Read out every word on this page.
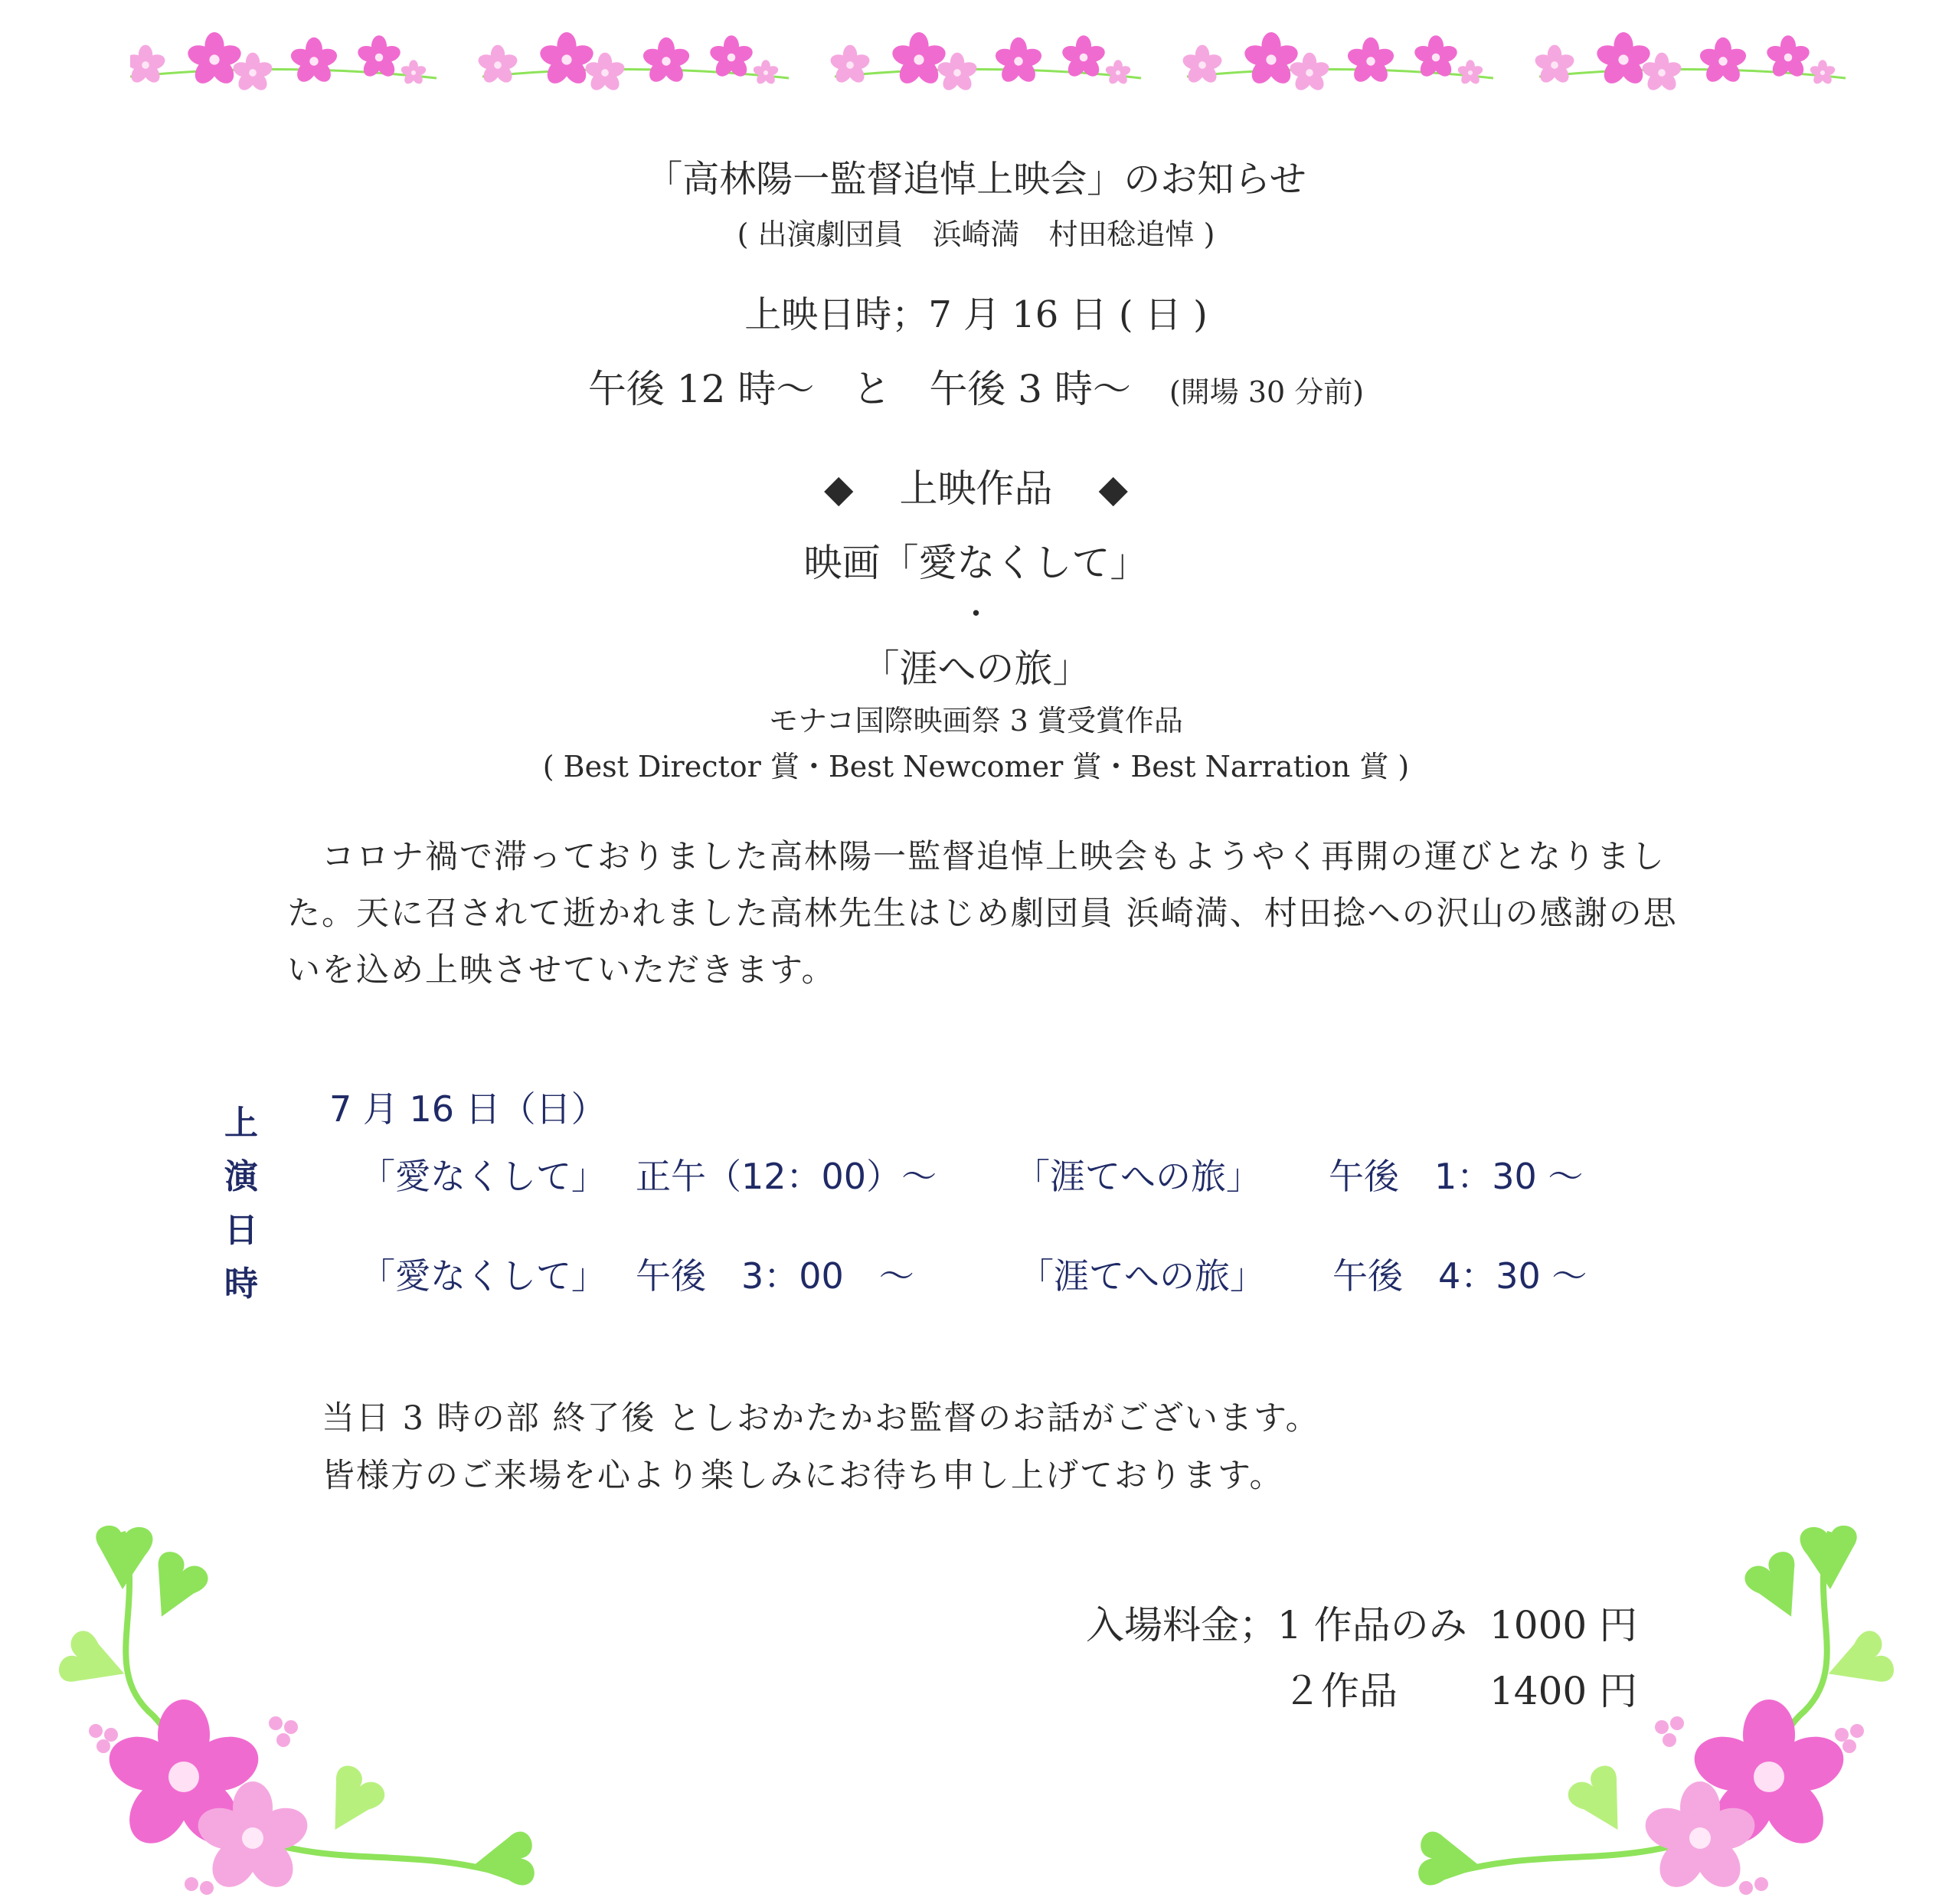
「高林陽一監督追悼上映会」のお知らせ
( 出演劇団員　浜崎満　村田稔追悼 )
上映日時；7 月 16 日 ( 日 )
午後 12 時～　と　午後 3 時～ (開場 30 分前)
◆ 上映作品 ◆
映画「愛なくして」
・
「涯への旅」
モナコ国際映画祭 3 賞受賞作品
( Best Director 賞・Best Newcomer 賞・Best Narration 賞 )
　コロナ禍で滞っておりました高林陽一監督追悼上映会もようやく再開の運びとなりました。天に召されて逝かれました高林先生はじめ劇団員 浜崎満、村田捻への沢山の感謝の思いを込め上映させていただきます。
上
演
日
時
7 月 16 日（日）
「愛なくして」 正午（12：00）～ 「涯てへの旅」 午後　1：30 ～
「愛なくして」 午後　3：00　～	「涯てへの旅」 午後　4：30 ～
当日 3 時の部 終了後 としおかたかお監督のお話がございます。
皆様方のご来場を心より楽しみにお待ち申し上げております。
入場料金；1 作品のみ 1000 円
２作品 1400 円
